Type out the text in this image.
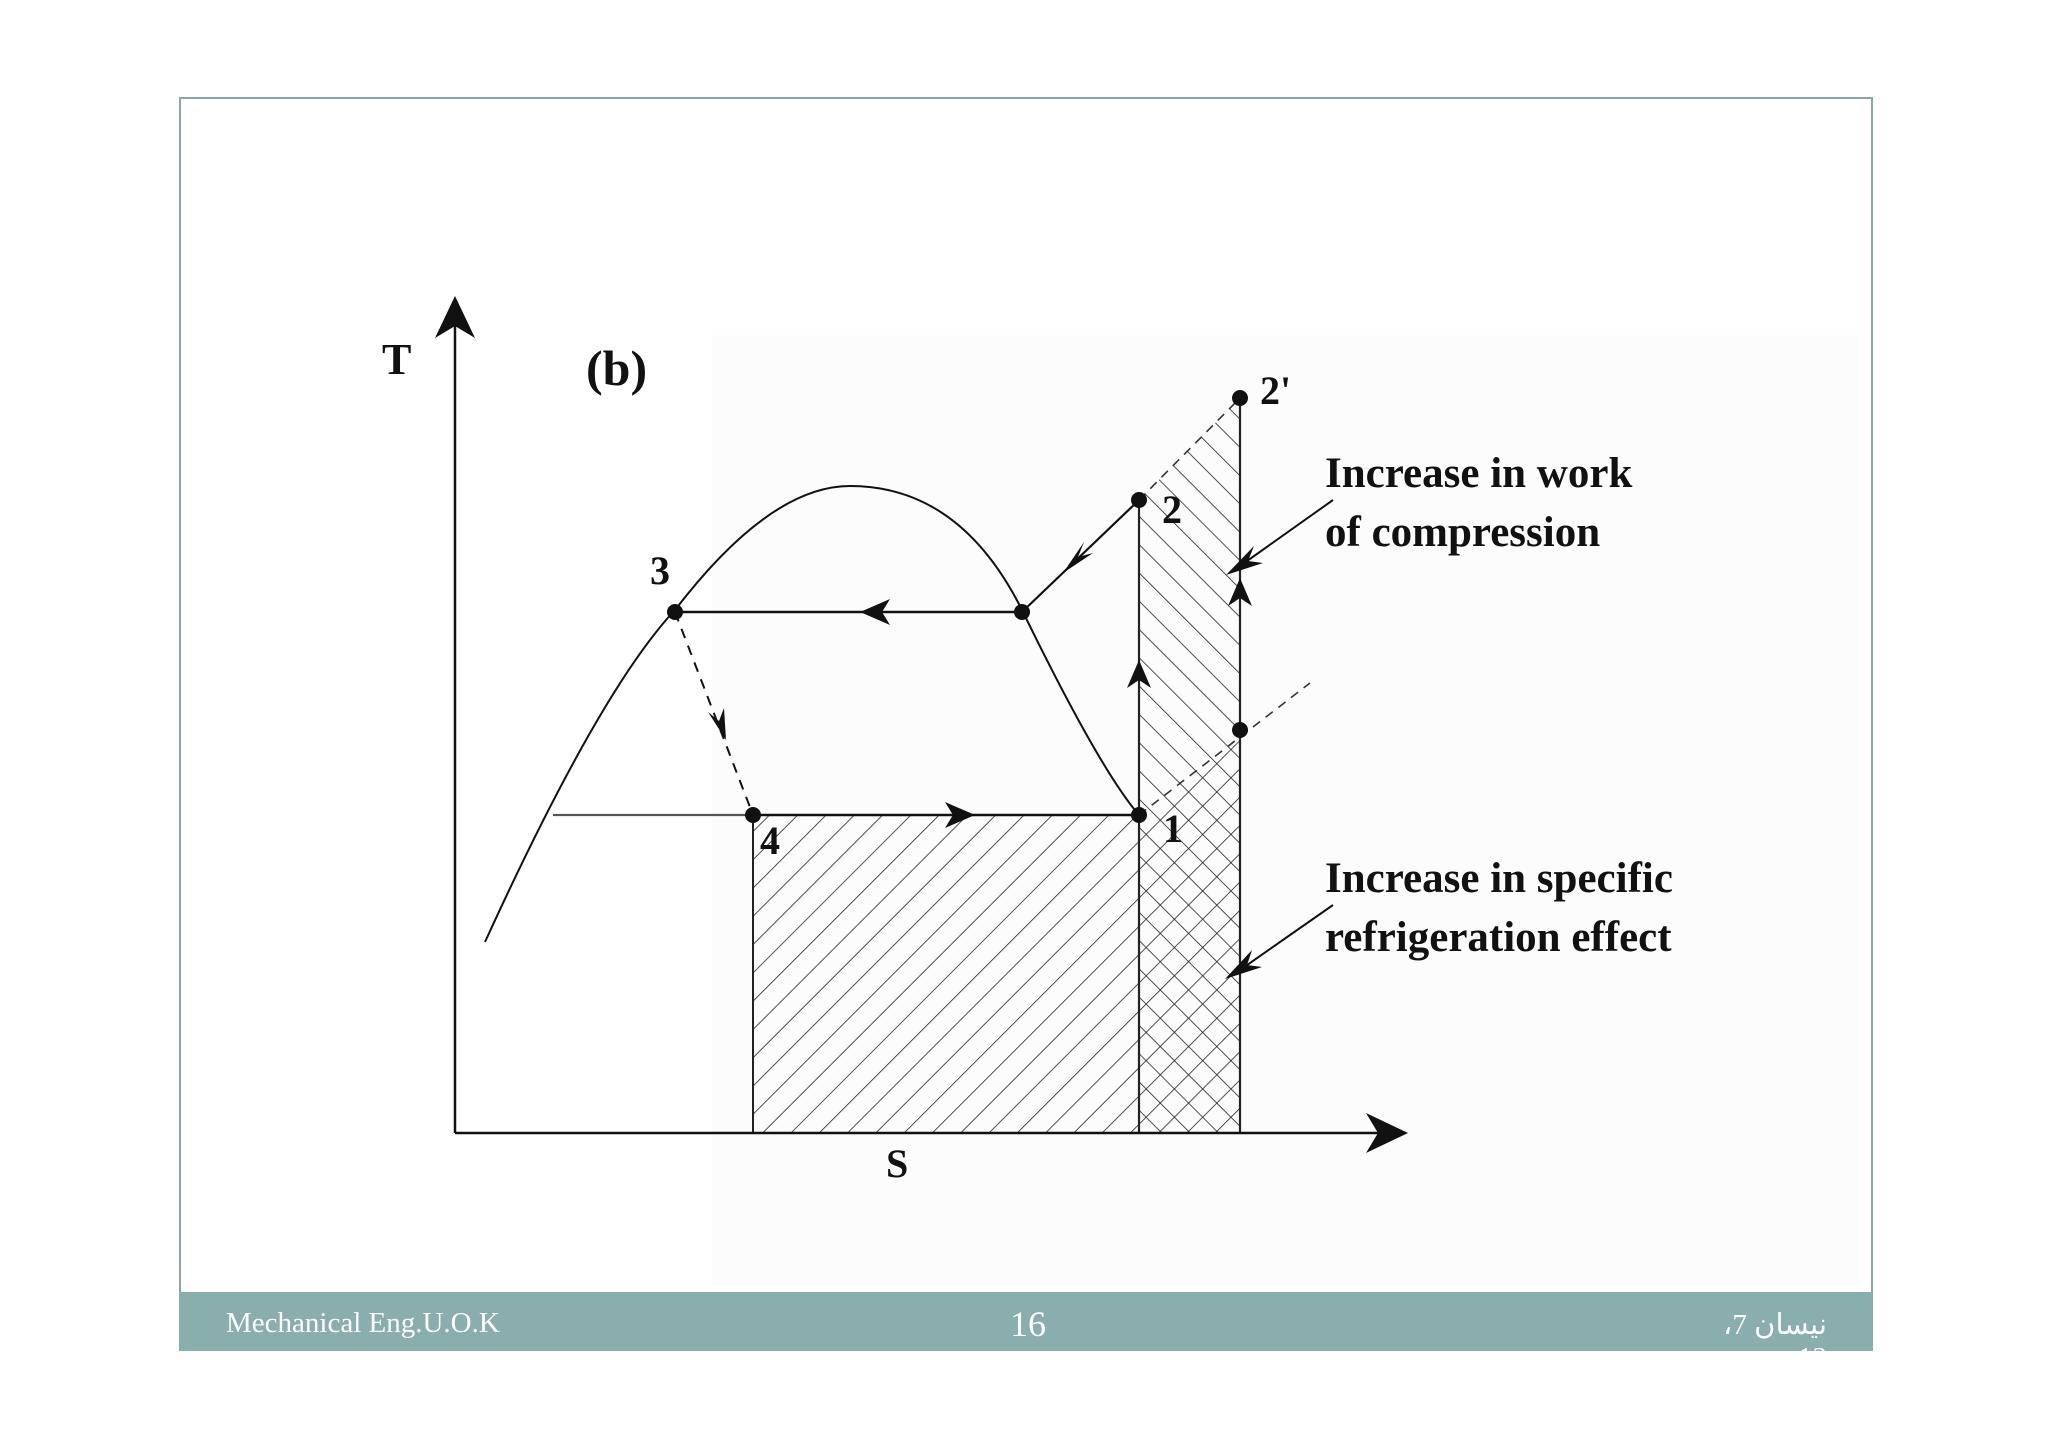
T
S
(b)
1
2
2'
3
4
Increase in work
of compression
Increase in specific
refrigeration effect
Mechanical Eng.U.O.K	16	نيسان 7، 13
